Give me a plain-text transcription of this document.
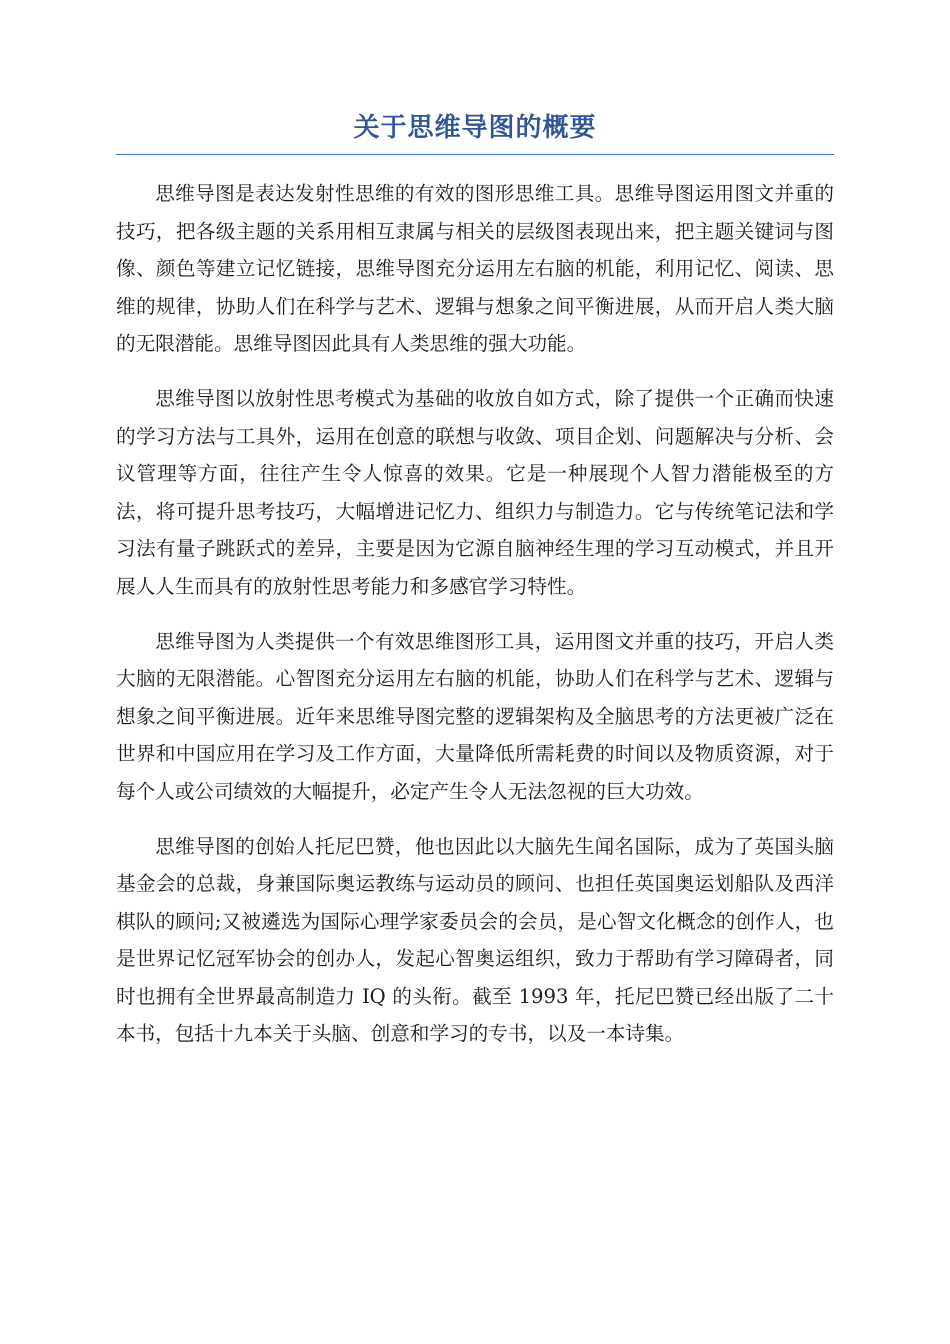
关于思维导图的概要

思维导图是表达发射性思维的有效的图形思维工具。思维导图运用图文并重的技巧，把各级主题的关系用相互隶属与相关的层级图表现出来，把主题关键词与图像、颜色等建立记忆链接，思维导图充分运用左右脑的机能，利用记忆、阅读、思维的规律，协助人们在科学与艺术、逻辑与想象之间平衡进展，从而开启人类大脑的无限潜能。思维导图因此具有人类思维的强大功能。

思维导图以放射性思考模式为基础的收放自如方式，除了提供一个正确而快速的学习方法与工具外，运用在创意的联想与收敛、项目企划、问题解决与分析、会议管理等方面，往往产生令人惊喜的效果。它是一种展现个人智力潜能极至的方法，将可提升思考技巧，大幅增进记忆力、组织力与制造力。它与传统笔记法和学习法有量子跳跃式的差异，主要是因为它源自脑神经生理的学习互动模式，并且开展人人生而具有的放射性思考能力和多感官学习特性。

思维导图为人类提供一个有效思维图形工具，运用图文并重的技巧，开启人类大脑的无限潜能。心智图充分运用左右脑的机能，协助人们在科学与艺术、逻辑与想象之间平衡进展。近年来思维导图完整的逻辑架构及全脑思考的方法更被广泛在世界和中国应用在学习及工作方面，大量降低所需耗费的时间以及物质资源，对于每个人或公司绩效的大幅提升，必定产生令人无法忽视的巨大功效。

思维导图的创始人托尼巴赞，他也因此以大脑先生闻名国际，成为了英国头脑基金会的总裁，身兼国际奥运教练与运动员的顾问、也担任英国奥运划船队及西洋棋队的顾问;又被遴选为国际心理学家委员会的会员，是心智文化概念的创作人，也是世界记忆冠军协会的创办人，发起心智奥运组织，致力于帮助有学习障碍者，同时也拥有全世界最高制造力 IQ 的头衔。截至 1993 年，托尼巴赞已经出版了二十本书，包括十九本关于头脑、创意和学习的专书，以及一本诗集。
